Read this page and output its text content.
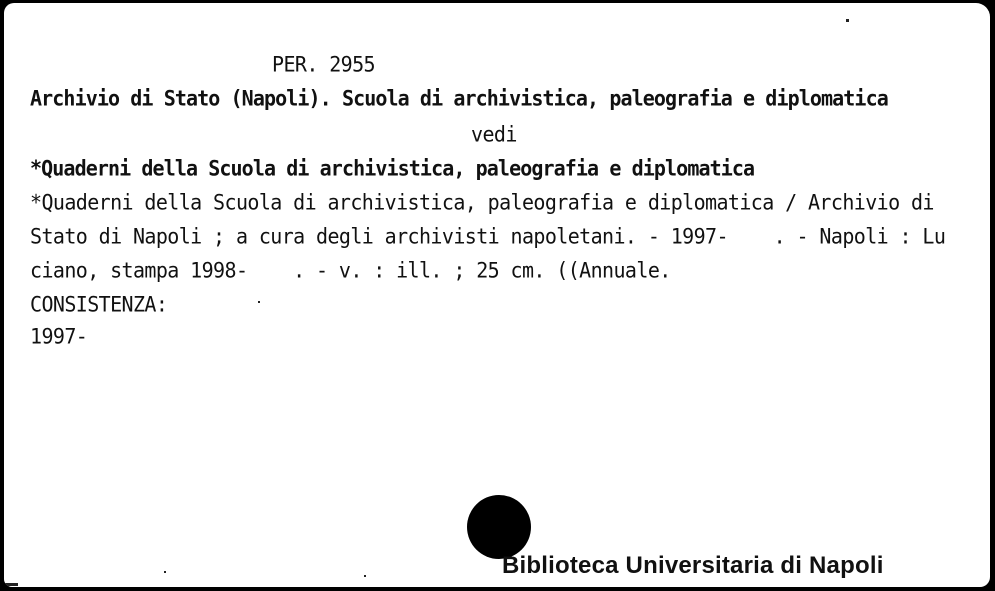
PER. 2955
Archivio di Stato (Napoli). Scuola di archivistica, paleografia e diplomatica
vedi
*Quaderni della Scuola di archivistica, paleografia e diplomatica
*Quaderni della Scuola di archivistica, paleografia e diplomatica / Archivio di
Stato di Napoli ; a cura degli archivisti napoletani. - 1997-    . - Napoli : Lu
ciano, stampa 1998-    . - v. : ill. ; 25 cm. ((Annuale.
CONSISTENZA:
1997-
Biblioteca Universitaria di Napoli
